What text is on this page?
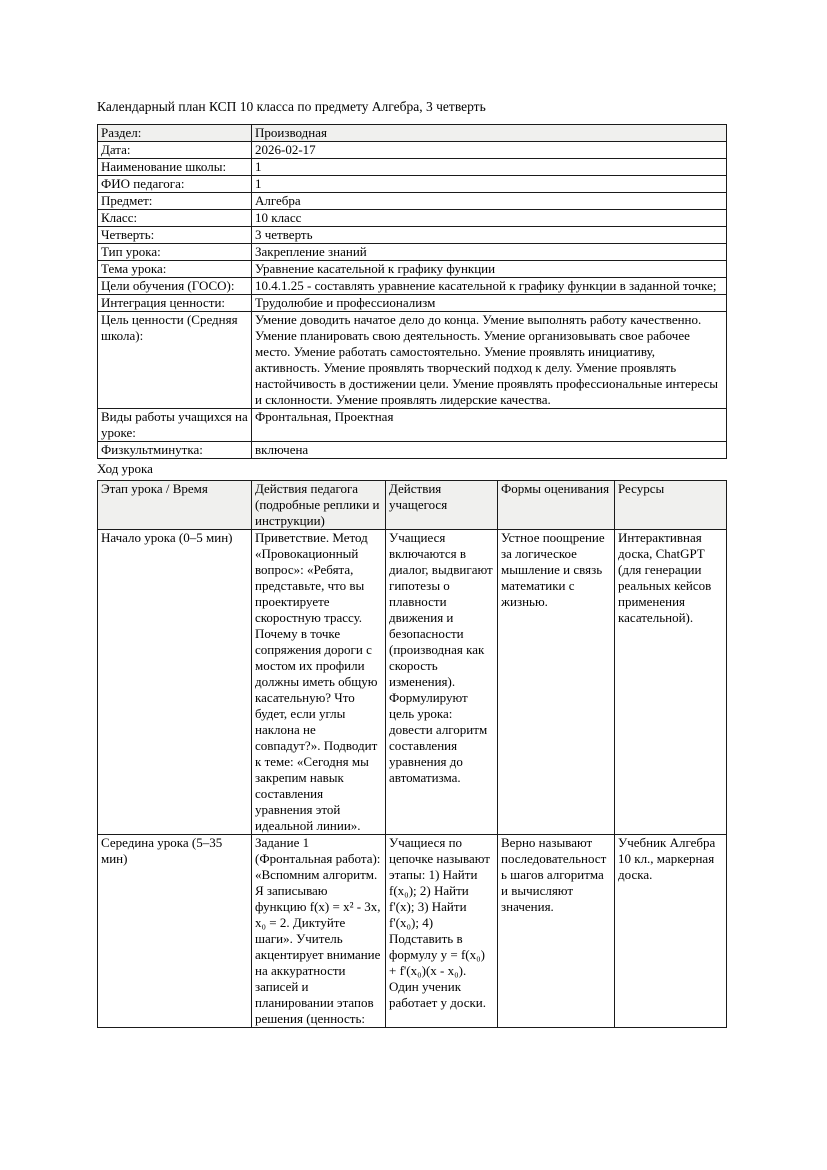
Календарный план КСП 10 класса по предмету Алгебра, 3 четверть

Раздел:	Производная
Дата:	2026-02-17
Наименование школы:	1
ФИО педагога:	1
Предмет:	Алгебра
Класс:	10 класс
Четверть:	3 четверть
Тип урока:	Закрепление знаний
Тема урока:	Уравнение касательной к графику функции
Цели обучения (ГОСО):	10.4.1.25 - составлять уравнение касательной к графику функции в заданной точке;
Интеграция ценности:	Трудолюбие и профессионализм
Цель ценности (Средняя школа):	Умение доводить начатое дело до конца. Умение выполнять работу качественно. Умение планировать свою деятельность. Умение организовывать свое рабочее место. Умение работать самостоятельно. Умение проявлять инициативу, активность. Умение проявлять творческий подход к делу. Умение проявлять настойчивость в достижении цели. Умение проявлять профессиональные интересы и склонности. Умение проявлять лидерские качества.
Виды работы учащихся на уроке:	Фронтальная, Проектная
Физкультминутка:	включена

Ход урока

Этап урока / Время	Действия педагога (подробные реплики и инструкции)	Действия учащегося	Формы оценивания	Ресурсы
Начало урока (0–5 мин)	Приветствие. Метод «Провокационный вопрос»: «Ребята, представьте, что вы проектируете скоростную трассу. Почему в точке сопряжения дороги с мостом их профили должны иметь общую касательную? Что будет, если углы наклона не совпадут?». Подводит к теме: «Сегодня мы закрепим навык составления уравнения этой идеальной линии».	Учащиеся включаются в диалог, выдвигают гипотезы о плавности движения и безопасности (производная как скорость изменения). Формулируют цель урока: довести алгоритм составления уравнения до автоматизма.	Устное поощрение за логическое мышление и связь математики с жизнью.	Интерактивная доска, ChatGPT (для генерации реальных кейсов применения касательной).
Середина урока (5–35 мин)	Задание 1 (Фронтальная работа): «Вспомним алгоритм. Я записываю функцию f(x) = x² - 3x, x₀ = 2. Диктуйте шаги». Учитель акцентирует внимание на аккуратности записей и планировании этапов решения (ценность:	Учащиеся по цепочке называют этапы: 1) Найти f(x₀); 2) Найти f'(x); 3) Найти f'(x₀); 4) Подставить в формулу y = f(x₀) + f'(x₀)(x - x₀). Один ученик работает у доски.	Верно называют последовательность шагов алгоритма и вычисляют значения.	Учебник Алгебра 10 кл., маркерная доска.
